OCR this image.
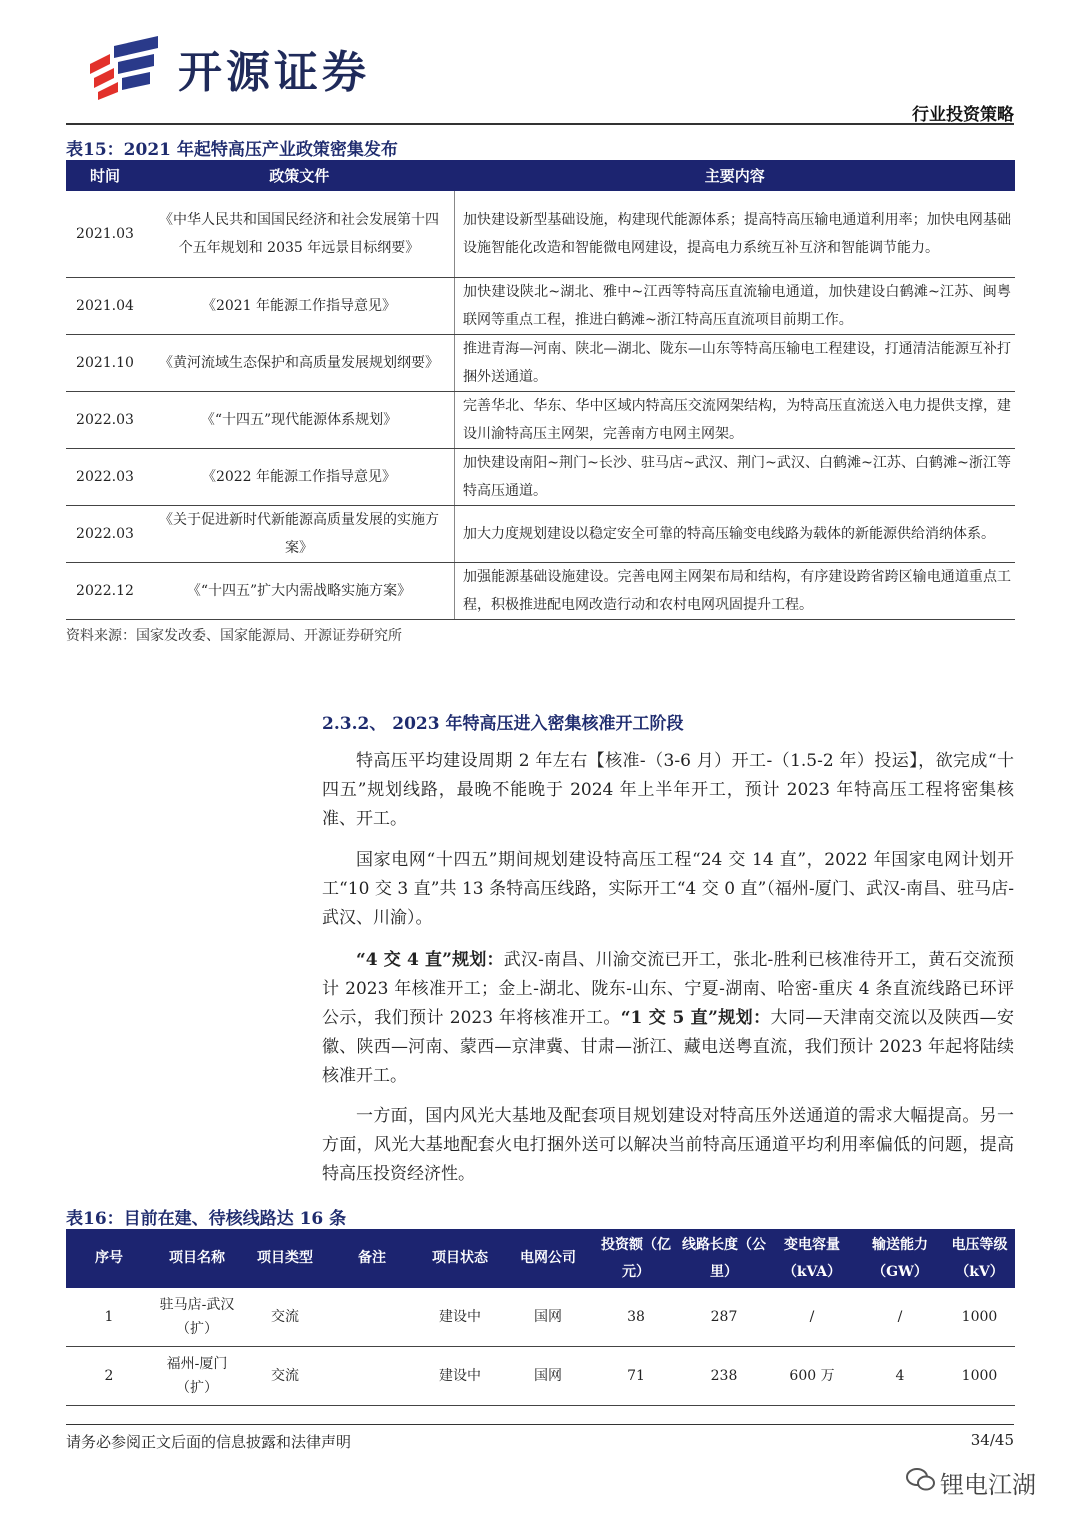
开源证券
行业投资策略
表15：2021 年起特高压产业政策密集发布
时间	政策文件	主要内容
2021.03	《中华人民共和国国民经济和社会发展第十四个五年规划和 2035 年远景目标纲要》	加快建设新型基础设施，构建现代能源体系；提高特高压输电通道利用率；加快电网基础设施智能化改造和智能微电网建设，提高电力系统互补互济和智能调节能力。
2021.04	《2021 年能源工作指导意见》	加快建设陕北~湖北、雅中~江西等特高压直流输电通道，加快建设白鹤滩~江苏、闽粤联网等重点工程，推进白鹤滩~浙江特高压直流项目前期工作。
2021.10	《黄河流域生态保护和高质量发展规划纲要》	推进青海—河南、陕北—湖北、陇东—山东等特高压输电工程建设，打通清洁能源互补打捆外送通道。
2022.03	《“十四五”现代能源体系规划》	完善华北、华东、华中区域内特高压交流网架结构，为特高压直流送入电力提供支撑，建设川渝特高压主网架，完善南方电网主网架。
2022.03	《2022 年能源工作指导意见》	加快建设南阳~荆门~长沙、驻马店~武汉、荆门~武汉、白鹤滩~江苏、白鹤滩~浙江等特高压通道。
2022.03	《关于促进新时代新能源高质量发展的实施方案》	加大力度规划建设以稳定安全可靠的特高压输变电线路为载体的新能源供给消纳体系。
2022.12	《“十四五”扩大内需战略实施方案》	加强能源基础设施建设。完善电网主网架布局和结构，有序建设跨省跨区输电通道重点工程，积极推进配电网改造行动和农村电网巩固提升工程。
资料来源：国家发改委、国家能源局、开源证券研究所
2.3.2、 2023 年特高压进入密集核准开工阶段
特高压平均建设周期 2 年左右【核准-（3-6 月）开工-（1.5-2 年）投运】，欲完成“十四五”规划线路，最晚不能晚于 2024 年上半年开工，预计 2023 年特高压工程将密集核准、开工。
国家电网“十四五”期间规划建设特高压工程“24 交 14 直”，2022 年国家电网计划开工“10 交 3 直”共 13 条特高压线路，实际开工“4 交 0 直”（福州-厦门、武汉-南昌、驻马店-武汉、川渝）。
“4 交 4 直”规划：武汉-南昌、川渝交流已开工，张北-胜利已核准待开工，黄石交流预计 2023 年核准开工；金上-湖北、陇东-山东、宁夏-湖南、哈密-重庆 4 条直流线路已环评公示，我们预计 2023 年将核准开工。“1 交 5 直”规划：大同—天津南交流以及陕西—安徽、陕西—河南、蒙西—京津冀、甘肃—浙江、藏电送粤直流，我们预计 2023 年起将陆续核准开工。
一方面，国内风光大基地及配套项目规划建设对特高压外送通道的需求大幅提高。另一方面，风光大基地配套火电打捆外送可以解决当前特高压通道平均利用率偏低的问题，提高特高压投资经济性。
表16：目前在建、待核线路达 16 条
序号	项目名称	项目类型	备注	项目状态	电网公司	投资额（亿元）	线路长度（公里）	变电容量（kVA）	输送能力（GW）	电压等级（kV）
1	驻马店-武汉（扩）	交流		建设中	国网	38	287	/	/	1000
2	福州-厦门（扩）	交流		建设中	国网	71	238	600 万	4	1000
请务必参阅正文后面的信息披露和法律声明	34/45
锂电江湖
